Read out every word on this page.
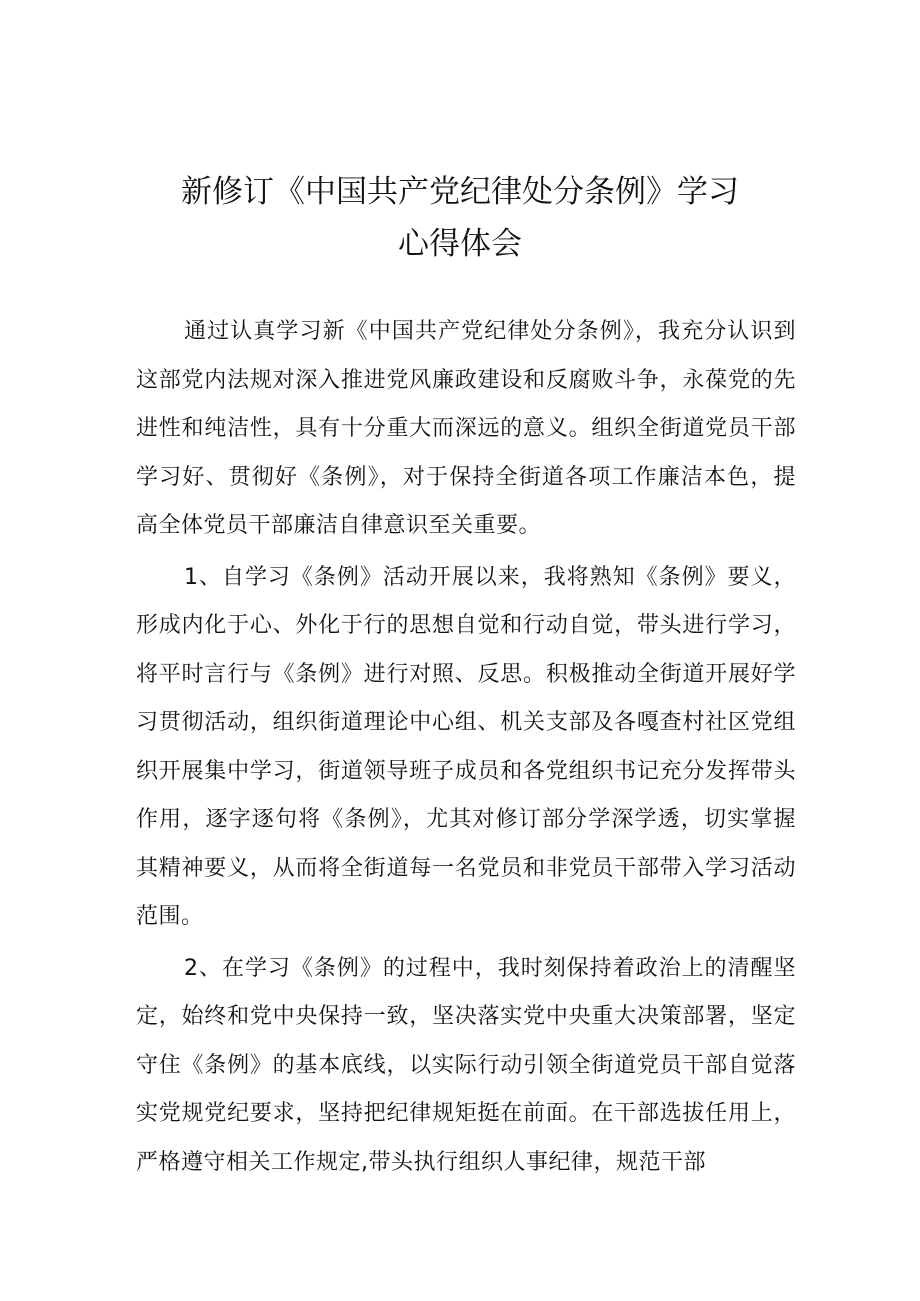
新修订《中国共产党纪律处分条例》学习
心得体会

通过认真学习新《中国共产党纪律处分条例》，我充分认识到这部党内法规对深入推进党风廉政建设和反腐败斗争，永葆党的先进性和纯洁性，具有十分重大而深远的意义。组织全街道党员干部学习好、贯彻好《条例》，对于保持全街道各项工作廉洁本色，提高全体党员干部廉洁自律意识至关重要。

1、自学习《条例》活动开展以来，我将熟知《条例》要义，形成内化于心、外化于行的思想自觉和行动自觉，带头进行学习，将平时言行与《条例》进行对照、反思。积极推动全街道开展好学习贯彻活动，组织街道理论中心组、机关支部及各嘎查村社区党组织开展集中学习，街道领导班子成员和各党组织书记充分发挥带头作用，逐字逐句将《条例》，尤其对修订部分学深学透，切实掌握其精神要义，从而将全街道每一名党员和非党员干部带入学习活动范围。

2、在学习《条例》的过程中，我时刻保持着政治上的清醒坚定，始终和党中央保持一致，坚决落实党中央重大决策部署，坚定守住《条例》的基本底线，以实际行动引领全街道党员干部自觉落实党规党纪要求，坚持把纪律规矩挺在前面。在干部选拔任用上，严格遵守相关工作规定,带头执行组织人事纪律，规范干部
